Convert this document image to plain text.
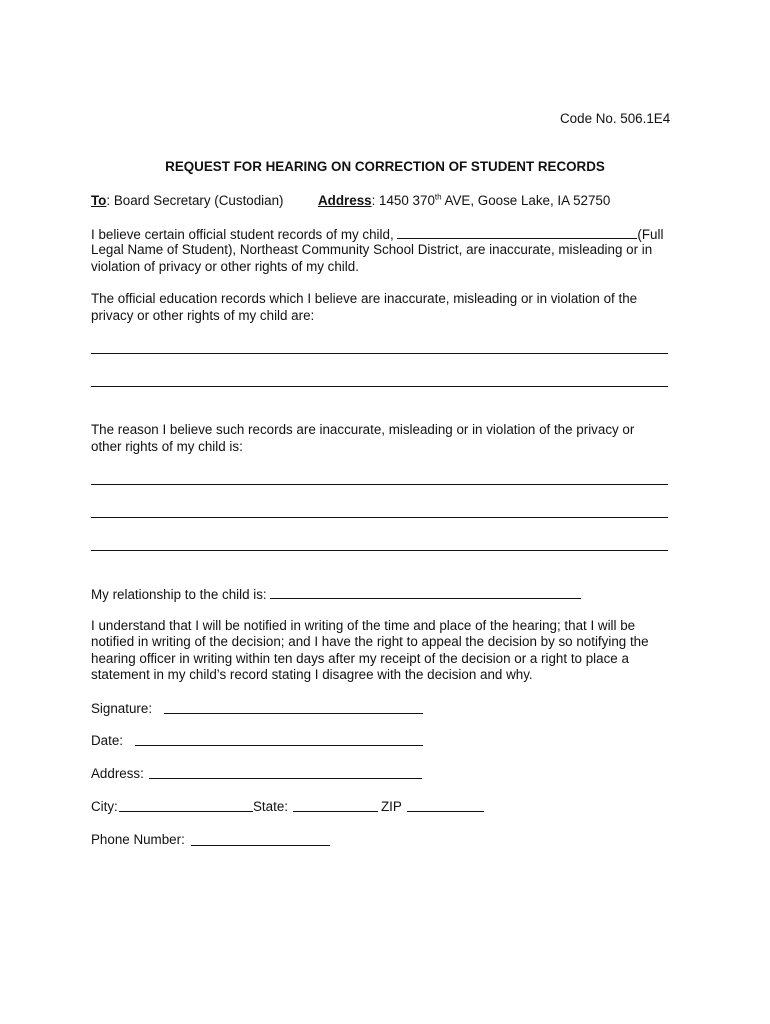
Code No. 506.1E4
REQUEST FOR HEARING ON CORRECTION OF STUDENT RECORDS
To: Board Secretary (Custodian)	Address: 1450 370th AVE, Goose Lake, IA 52750
I believe certain official student records of my child,	(Full
Legal Name of Student), Northeast Community School District, are inaccurate, misleading or in
violation of privacy or other rights of my child.
The official education records which I believe are inaccurate, misleading or in violation of the
privacy or other rights of my child are:
The reason I believe such records are inaccurate, misleading or in violation of the privacy or
other rights of my child is:
My relationship to the child is:
I understand that I will be notified in writing of the time and place of the hearing; that I will be
notified in writing of the decision; and I have the right to appeal the decision by so notifying the
hearing officer in writing within ten days after my receipt of the decision or a right to place a
statement in my child’s record stating I disagree with the decision and why.
Signature:
Date:
Address:
City:	State:	ZIP
Phone Number:
